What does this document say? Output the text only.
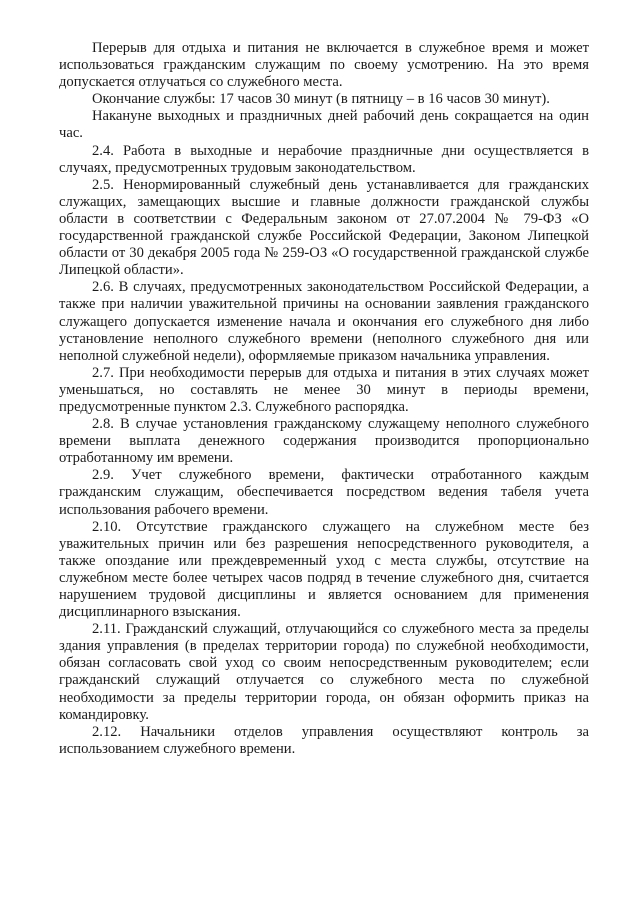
Перерыв для отдыха и питания не включается в служебное время и может использоваться гражданским служащим по своему усмотрению. На это время допускается отлучаться со служебного места.

Окончание службы: 17 часов 30 минут (в пятницу – в 16 часов 30 минут).

Накануне выходных и праздничных дней рабочий день сокращается на один час.

2.4. Работа в выходные и нерабочие праздничные дни осуществляется в случаях, предусмотренных трудовым законодательством.

2.5. Ненормированный служебный день устанавливается для гражданских служащих, замещающих высшие и главные должности гражданской службы области в соответствии с Федеральным законом от 27.07.2004 № 79-ФЗ «О государственной гражданской службе Российской Федерации, Законом Липецкой области от 30 декабря 2005 года № 259-ОЗ «О государственной гражданской службе Липецкой области».

2.6. В случаях, предусмотренных законодательством Российской Федерации, а также при наличии уважительной причины на основании заявления гражданского служащего допускается изменение начала и окончания его служебного дня либо установление неполного служебного времени (неполного служебного дня или неполной служебной недели), оформляемые приказом начальника управления.

2.7. При необходимости перерыв для отдыха и питания в этих случаях может уменьшаться, но составлять не менее 30 минут в периоды времени, предусмотренные пунктом 2.3. Служебного распорядка.

2.8. В случае установления гражданскому служащему неполного служебного времени выплата денежного содержания производится пропорционально отработанному им времени.

2.9. Учет служебного времени, фактически отработанного каждым гражданским служащим, обеспечивается посредством ведения табеля учета использования рабочего времени.

2.10. Отсутствие гражданского служащего на служебном месте без уважительных причин или без разрешения непосредственного руководителя, а также опоздание или преждевременный уход с места службы, отсутствие на служебном месте более четырех часов подряд в течение служебного дня, считается нарушением трудовой дисциплины и является основанием для применения дисциплинарного взыскания.

2.11. Гражданский служащий, отлучающийся со служебного места за пределы здания управления (в пределах территории города) по служебной необходимости, обязан согласовать свой уход со своим непосредственным руководителем; если гражданский служащий отлучается со служебного места по служебной необходимости за пределы территории города, он обязан оформить приказ на командировку.

2.12. Начальники отделов управления осуществляют контроль за использованием служебного времени.
